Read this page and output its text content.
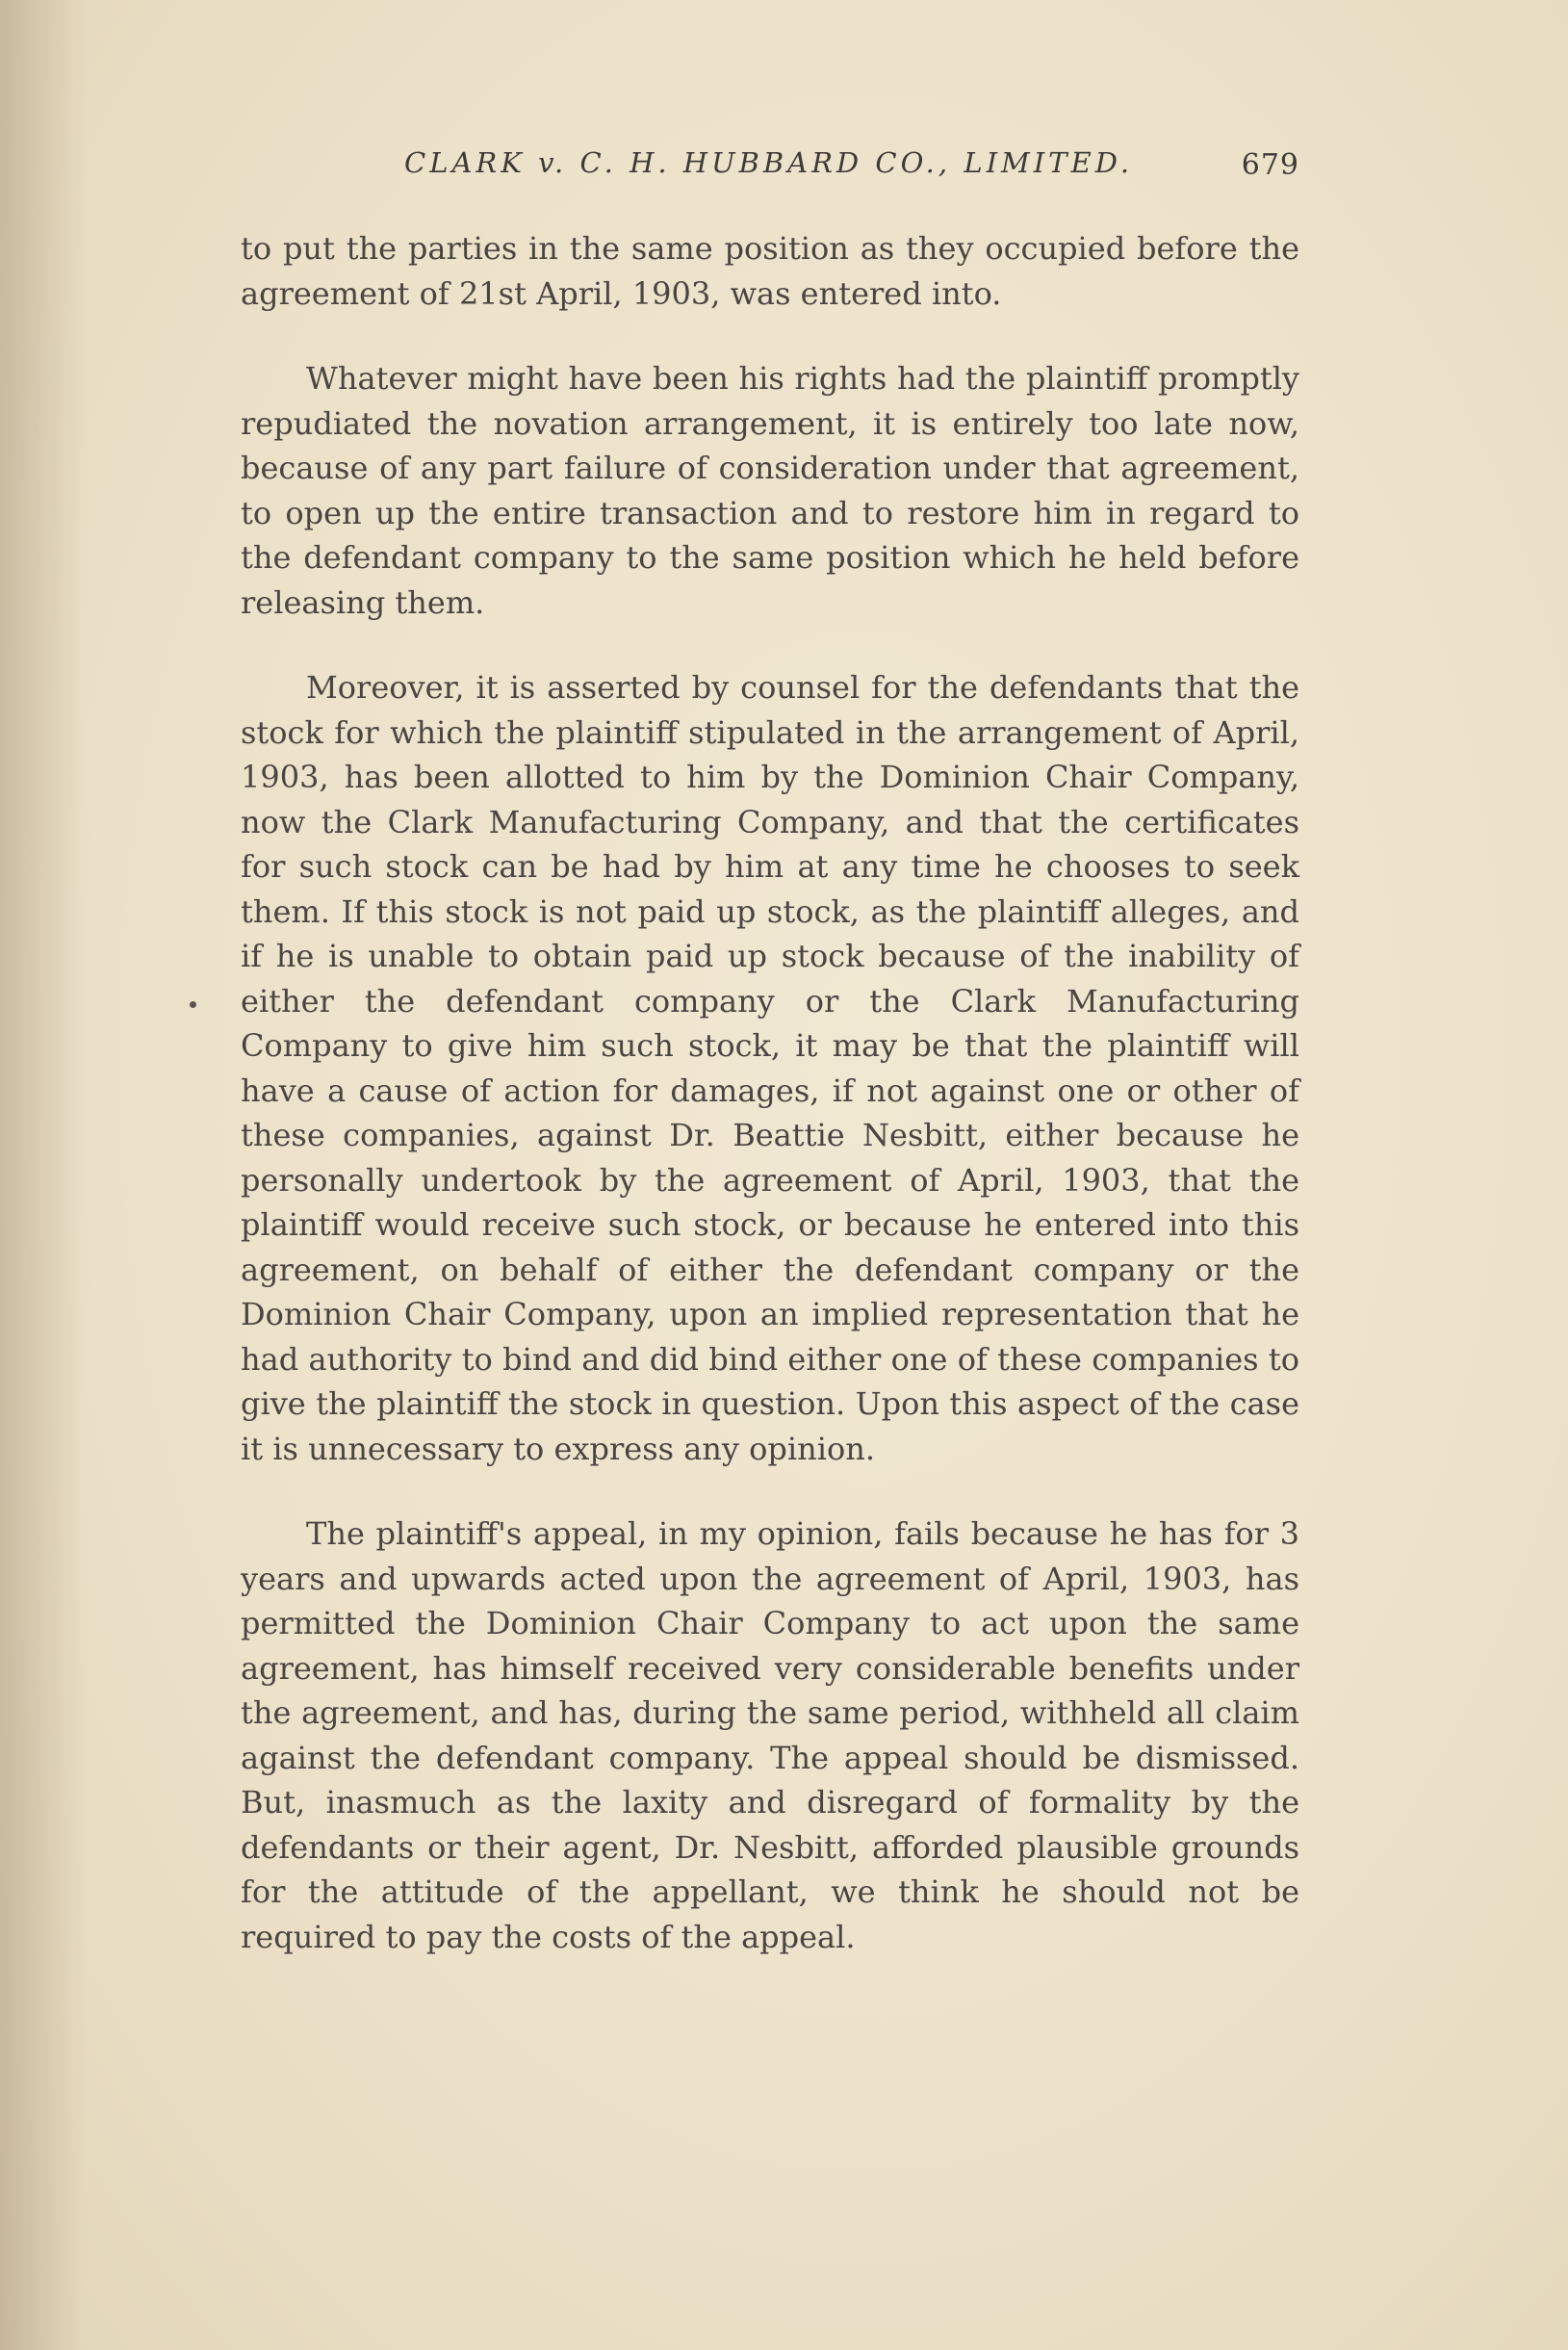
CLARK v. C. H. HUBBARD CO., LIMITED.	679

to put the parties in the same position as they occupied before the agreement of 21st April, 1903, was entered into.

Whatever might have been his rights had the plaintiff promptly repudiated the novation arrangement, it is entirely too late now, because of any part failure of consideration under that agreement, to open up the entire transaction and to restore him in regard to the defendant company to the same position which he held before releasing them.

Moreover, it is asserted by counsel for the defendants that the stock for which the plaintiff stipulated in the arrangement of April, 1903, has been allotted to him by the Dominion Chair Company, now the Clark Manufacturing Company, and that the certificates for such stock can be had by him at any time he chooses to seek them. If this stock is not paid up stock, as the plaintiff alleges, and if he is unable to obtain paid up stock because of the inability of either the defendant company or the Clark Manufacturing Company to give him such stock, it may be that the plaintiff will have a cause of action for damages, if not against one or other of these companies, against Dr. Beattie Nesbitt, either because he personally undertook by the agreement of April, 1903, that the plaintiff would receive such stock, or because he entered into this agreement, on behalf of either the defendant company or the Dominion Chair Company, upon an implied representation that he had authority to bind and did bind either one of these companies to give the plaintiff the stock in question. Upon this aspect of the case it is unnecessary to express any opinion.

The plaintiff's appeal, in my opinion, fails because he has for 3 years and upwards acted upon the agreement of April, 1903, has permitted the Dominion Chair Company to act upon the same agreement, has himself received very considerable benefits under the agreement, and has, during the same period, withheld all claim against the defendant company. The appeal should be dismissed. But, inasmuch as the laxity and disregard of formality by the defendants or their agent, Dr. Nesbitt, afforded plausible grounds for the attitude of the appellant, we think he should not be required to pay the costs of the appeal.
